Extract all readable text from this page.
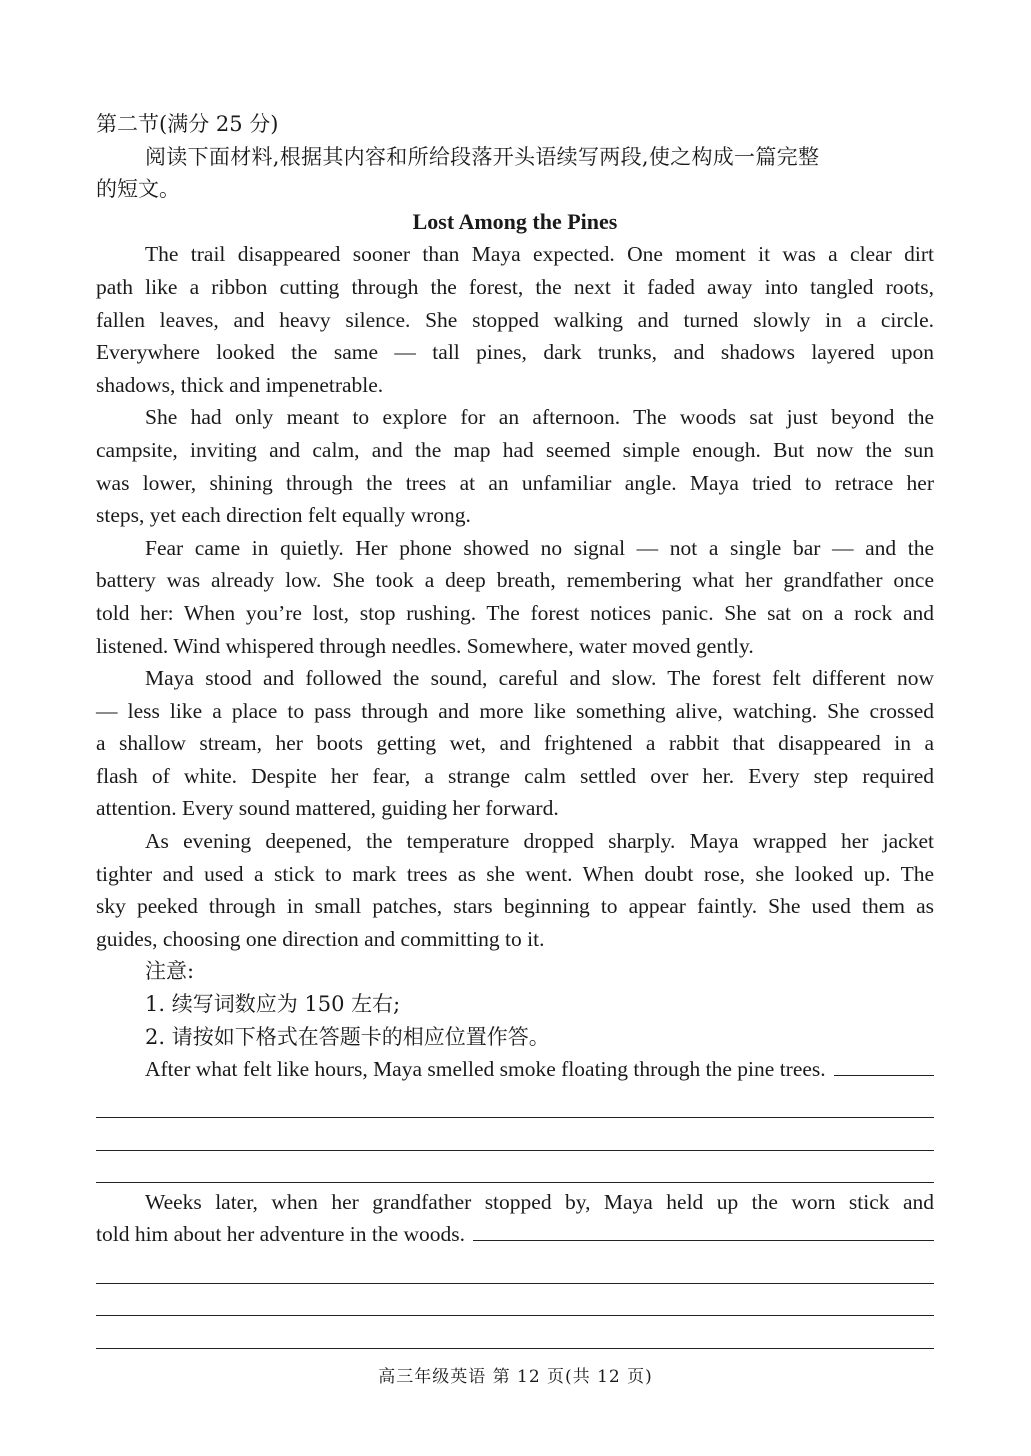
第二节(满分 25 分)
阅读下面材料,根据其内容和所给段落开头语续写两段,使之构成一篇完整
的短文。
Lost Among the Pines
The trail disappeared sooner than Maya expected. One moment it was a clear dirt
path like a ribbon cutting through the forest, the next it faded away into tangled roots,
fallen leaves, and heavy silence. She stopped walking and turned slowly in a circle.
Everywhere looked the same — tall pines, dark trunks, and shadows layered upon
shadows, thick and impenetrable.
She had only meant to explore for an afternoon. The woods sat just beyond the
campsite, inviting and calm, and the map had seemed simple enough. But now the sun
was lower, shining through the trees at an unfamiliar angle. Maya tried to retrace her
steps, yet each direction felt equally wrong.
Fear came in quietly. Her phone showed no signal — not a single bar — and the
battery was already low. She took a deep breath, remembering what her grandfather once
told her: When you’re lost, stop rushing. The forest notices panic. She sat on a rock and
listened. Wind whispered through needles. Somewhere, water moved gently.
Maya stood and followed the sound, careful and slow. The forest felt different now
— less like a place to pass through and more like something alive, watching. She crossed
a shallow stream, her boots getting wet, and frightened a rabbit that disappeared in a
flash of white. Despite her fear, a strange calm settled over her. Every step required
attention. Every sound mattered, guiding her forward.
As evening deepened, the temperature dropped sharply. Maya wrapped her jacket
tighter and used a stick to mark trees as she went. When doubt rose, she looked up. The
sky peeked through in small patches, stars beginning to appear faintly. She used them as
guides, choosing one direction and committing to it.
注意:
1. 续写词数应为 150 左右;
2. 请按如下格式在答题卡的相应位置作答。
After what felt like hours, Maya smelled smoke floating through the pine trees.
Weeks later, when her grandfather stopped by, Maya held up the worn stick and
told him about her adventure in the woods.
高三年级英语 第 12 页(共 12 页)
